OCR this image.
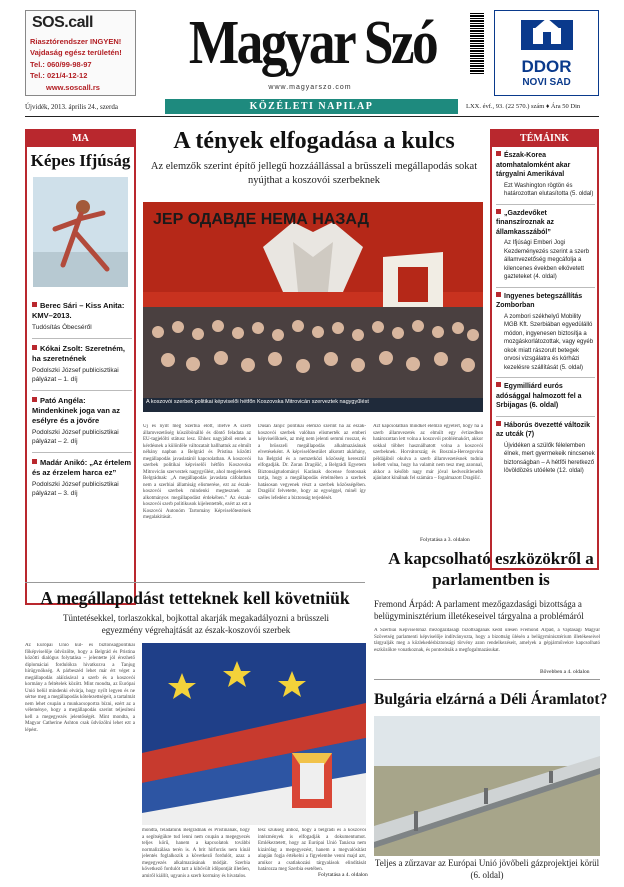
SOS.call
Riasztórendszer INGYEN!
Vajdaság egész területén!
Tel.: 060/99-98-97
Tel.: 021/4-12-12
www.soscall.rs
Magyar Szó
www.magyarszo.com
KÖZÉLETI NAPILAP
Újvidék, 2013. április 24., szerda	LXX. évf., 93. (22 570.) szám ♦ Ára 50 Din
DDOR
NOVI SAD
MA
Képes Ifjúság
Berec Sári – Kiss Anita: KMV–2013.
Tudósítás Óbecséről
Kókai Zsolt: Szeretném, ha szeretnének
Podolszki József publicisztikai pályázat – 1. díj
Pató Angéla: Mindenkinek joga van az esélyre és a jövőre
Podolszki József publicisztikai pályázat – 2. díj
Madár Anikó: „Az értelem és az érzelem harca ez”
Podolszki József publicisztikai pályázat – 3. díj
A tények elfogadása a kulcs
Az elemzők szerint építő jellegű hozzáállással a brüsszeli megállapodás sokat nyújthat a koszovói szerbeknek
ЈЕР ОДАВДЕ НЕМА НАЗАД
A koszovói szerbek politikai képviselői hétfőn Koszovska Mitrovicán szerveztek nagygyűlést
Új és nyílt meg Szerbia előtt, illetve A szerb államvezetőség küszöbönálló és döntő feladata az EU-tagjelölti státusz lesz. Ehhez nagyjából ennek a kérdésnek a különféle változatait hallhattuk az elmúlt néhány napban a Belgrád és Pristina közötti megállapodás javaslatáról kapcsolatban. A koszovói szerbek politikai képviselői hétfőn Koszovska Mitrovicán szerveztek nagygyűlést, ahol megjelentek Belgrádnak: „A megállapodás javaslata cáfolatban nem a szerbiai államiság elismerése, ezt az észak-koszovói szerbek mindenki megtesznek az alkotmányos megállapodást érdekében.” Az észak-koszovói szerb politikusok kijelentették, ezért az ezt a Koszovói Autonóm Tartomány Képviselőtestének megalakítását.
Dušan Janjić politikai elemző szerint ha az észak-koszovói szerbek valóban elismerték az emberi képviselőknek, az még nem jelenti semmi rosszat, és a brüsszeli megállapodás alkalmazásának elvetéseként. A képviselőtestület alkotott akárhány, ha Belgrád és a nemzetközi közösség keresztül elfogadják. Dr. Zoran Dragišić, a Belgrádi Egyetem Biztonságtudományi Karának docense fontosnak tartja, hogy a megállapodás értelmében a szerbek hatásosan vegyenek részt a szerbek közösségében. Dragišić felvetette, hogy az egységgel, minél így széles lefedést a biztonság terjedését.
Azt kapcsolatban mindkét elemző egyetért, hogy ha a szerb államvezetés az elmúlt egy évtizedben határozottan lett volna a koszovói problémakört, akkor sokkal többet használhatott volna a koszovói szerbeknek. Horvátország és Bosznia-Hercegovina példájából okulva a szerb államvezetésnek tudnia kellett volna, hogy ha valamit nem tesz meg azonnal, akkor a később nagy már jóval kedvezőtlenebb ajánlatot kínálnak fel számára – fogalmazott Dragišić.
Folytatása a 3. oldalon
TÉMÁINK
Észak-Korea atomhatalomként akar tárgyalni Amerikával
Ezt Washington rögtön és határozottan elutasította (5. oldal)
„Gazdevőket finanszíroznak az államkasszából”
Az Ifjúsági Emberi Jogi Kezdeményezés szerint a szerb államvezetőség megcáfolja a kilencenes években elkövetett gazteteket (4. oldal)
Ingyenes betegszállítás Zomborban
A zombori székhelyű Mobility MGB Kft. Szerbiában egyedülálló módon, ingyenesen biztosítja a mozgáskorlátozottak, vagy egyéb okok miatt rászorult betegek orvosi vizsgálatra és kórházi kezelésre szállítását (5. oldal)
Egymilliárd eurós adósággal halmozott fel a Srbijagas (6. oldal)
Háborús övezetté változik az utcák (7)
Újvidéken a szülők félelemben élnek, mert gyermekeik nincsenek biztonságban – A hétfői heretkező lövöldözés utóélete (12. oldal)
A kapcsolható eszközökről a parlamentben is
Fremond Árpád: A parlament mezőgazdasági bizottsága a belügyminisztérium illetékeseivel tárgyalna a problémáról
A Szerbiai Képviselőház mezőgazdasági bizottságának kedd ülésén Fremond Árpád, a Vajdasági Magyar Szövetség parlamenti képviselője indítványozta, hogy a bizottság ülésén a belügyminisztérium illetékeseivel tárgyalják meg a közlekedésbiztonsági törvény azon rendelkezéseit, amelyek a gépjárművekre kapcsolható eszközökre vonatkoznak, és pontosítsák a megfogalmazásukat.
Bővebben a 4. oldalon
A megállapodást tetteknek kell követniük
Tüntetésekkel, torlaszokkal, bojkottal akarják megakadályozni a brüsszeli egyezmény végrehajtását az észak-koszovói szerbek
Az Európai Unió kül- és biztonságpolitikai főképviselője üdvözölte, hogy a Belgrád és Pristina közötti dialógus folytatása – jelentette jól érezhető diplomáciai fordulókra hivatkozva a Tanjug hírügynökség. A párbeszéd lehet már ért véget a megállapodás aláírásával a szerb és a koszovói kormány a feltételek között. Mint mondta, az Európai Unió belül mindenki elvárja, hogy nyílt legyen és ne sértse meg a megállapodás kötelezettségeit, a tartalmát nem lehet csupán a munkacsoportra bízni, ezért az a véleménye, hogy a megállapodás szerint teljesíteni kell a megegyezés jelentőségét. Mint mondta, a Magyar Catherine Ashton csak üdvözölni lehet ezt a lépést.
mondta, feladatunk Belgrádnak és Pristinának, hogy a segítségükre tud lenni nem csupán a megegyezés teljes körű, hanem a kapcsolatok további normalizálása terén is. A brit hírforrás nem kínál jelentés foglalkozik a következő fordulót, azaz a megegyezés alkalmazásának módját. Szerbia következő fordulót tart a kibővült időpontját illetően, amiről kiállít, ugyanis a szerb kormány és hivatalos.
tesz szükség ahhoz, hogy a belgrádi és a koszovói intézmények is elfogadják a dokumentumot. Emlékeztetett, hogy az Európai Unió Tanácsa nem kizárólag a megegyezést, hanem a megvalósítást alapján fogja értékelni a figyelembe venni majd azt, amikor a csatlakozási tárgyalások elindítását határozza meg Szerbia esetében.
Folytatása a 4. oldalon
Bulgária elzárná a Déli Áramlatot?
Teljes a zűrzavar az Európai Unió jövőbeli gázprojektjei körül (6. oldal)
